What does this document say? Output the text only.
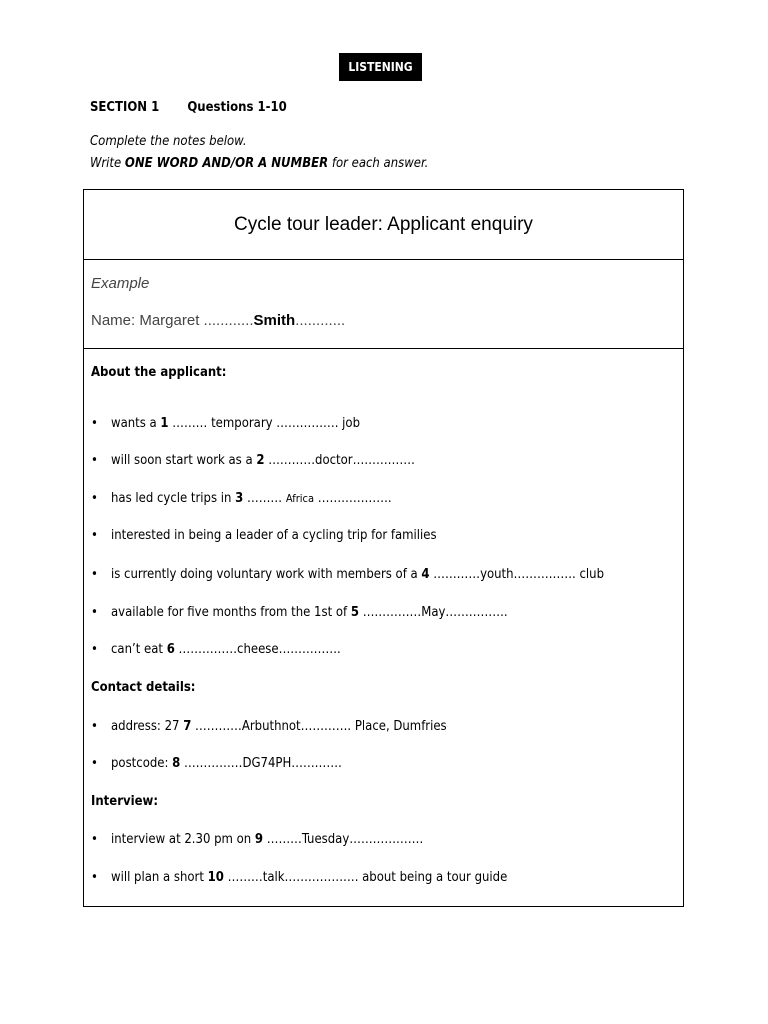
LISTENING
SECTION 1 Questions 1-10
Complete the notes below.
Write ONE WORD AND/OR A NUMBER for each answer.
Cycle tour leader: Applicant enquiry
Example
Name: Margaret ............Smith............
About the applicant:
• wants a 1 ……… temporary ……………. job
• will soon start work as a 2 …………doctor…………….
• has led cycle trips in 3 ……… Africa ……………….
• interested in being a leader of a cycling trip for families
• is currently doing voluntary work with members of a 4 …………youth……………. club
• available for five months from the 1st of 5 ……………May…………….
• can’t eat 6 ……………cheese…………….
Contact details:
• address: 27 7 …………Arbuthnot…………. Place, Dumfries
• postcode: 8 ……………DG74PH………….
Interview:
• interview at 2.30 pm on 9 ………Tuesday……………….
• will plan a short 10 ………talk………………. about being a tour guide
